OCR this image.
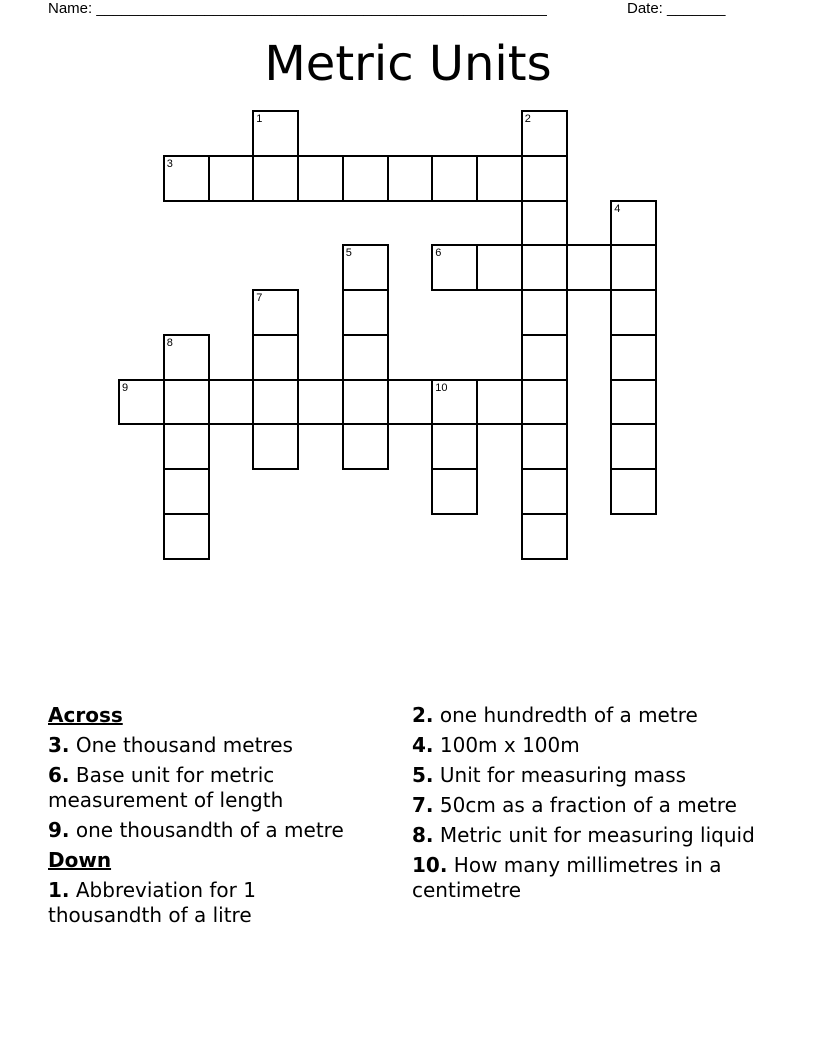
Name: ______________________________________________________	Date: _______
Metric Units
1	2
3
4
5	6
7
8
9	10
Across
3. One thousand metres
6. Base unit for metric measurement of length
9. one thousandth of a metre
Down
1. Abbreviation for 1 thousandth of a litre
2. one hundredth of a metre
4. 100m x 100m
5. Unit for measuring mass
7. 50cm as a fraction of a metre
8. Metric unit for measuring liquid
10. How many millimetres in a centimetre
